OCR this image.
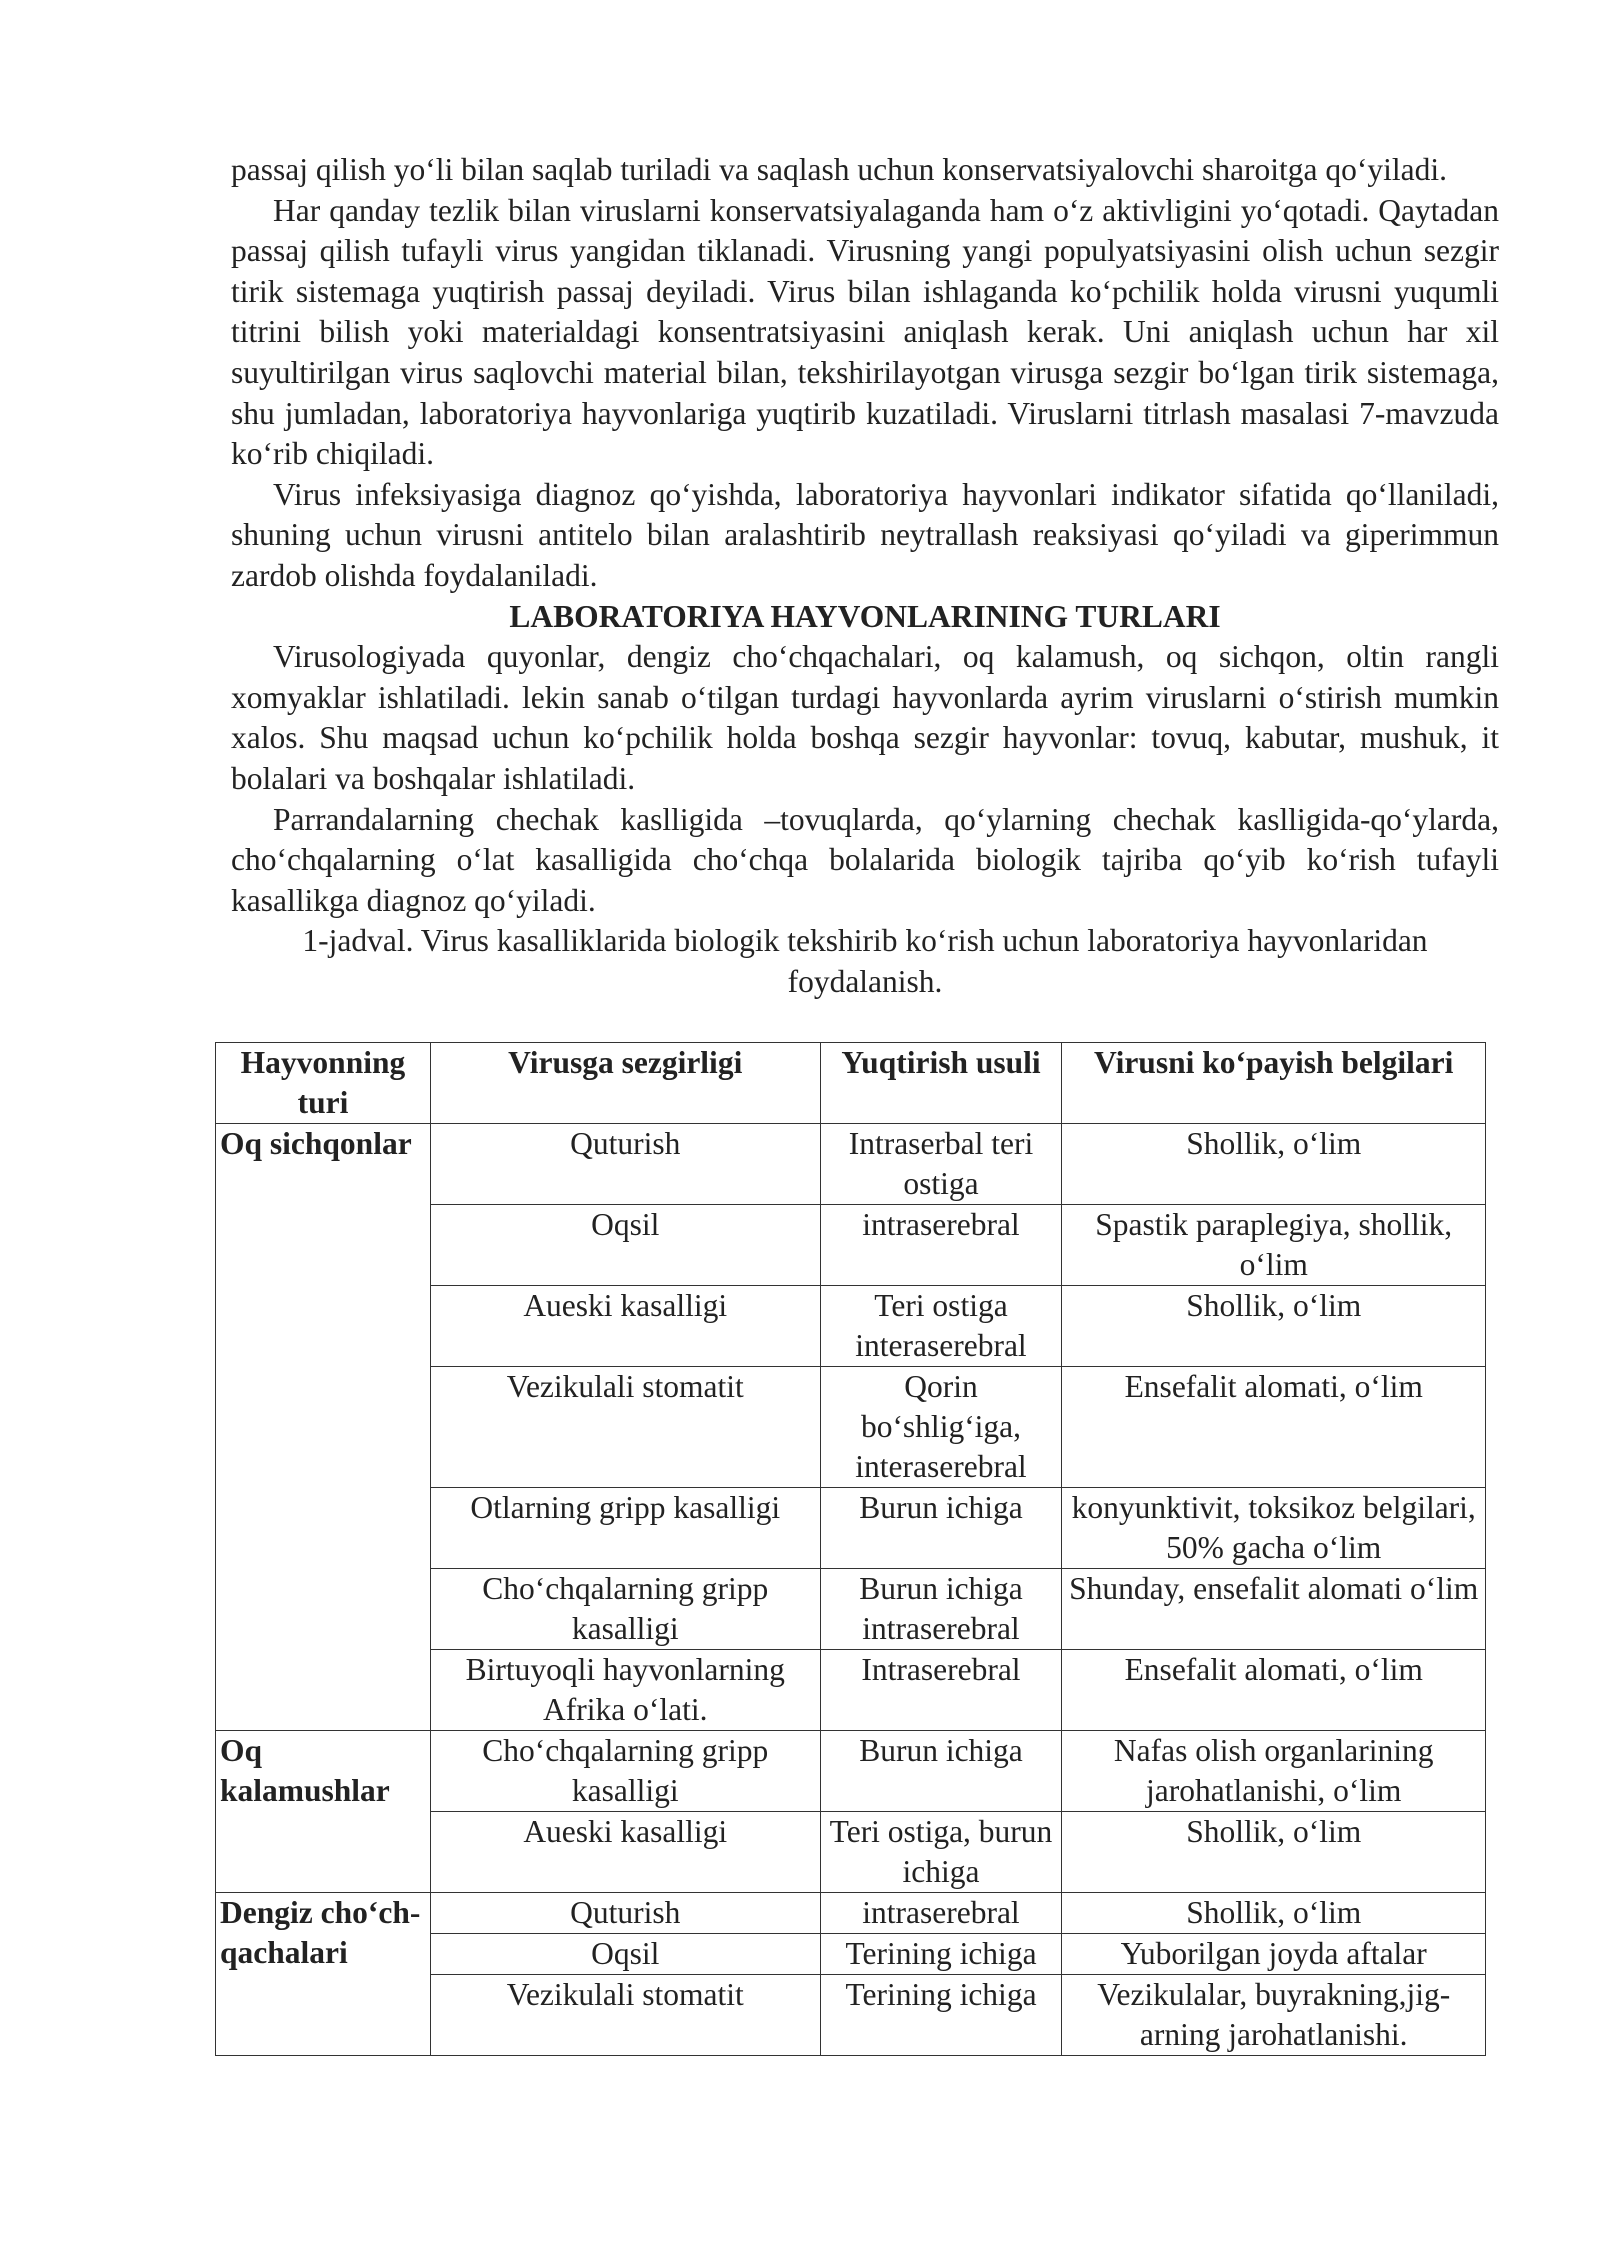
passaj qilish yo‘li bilan saqlab turiladi va saqlash uchun konservatsiyalovchi sharoitga qo‘yiladi.

Har qanday tezlik bilan viruslarni konservatsiyalaganda ham o‘z aktivligini yo‘qotadi. Qaytadan passaj qilish tufayli virus yangidan tiklanadi. Virusning yangi populyatsiyasini olish uchun sezgir tirik sistemaga yuqtirish passaj deyiladi. Virus bilan ishlaganda ko‘pchilik holda virusni yuqumli titrini bilish yoki materialdagi konsentratsiyasini aniqlash kerak. Uni aniqlash uchun har xil suyultirilgan virus saqlovchi material bilan, tekshirilayotgan virusga sezgir bo‘lgan tirik sistemaga, shu jumladan, laboratoriya hayvonlariga yuqtirib kuzatiladi. Viruslarni titrlash masalasi 7-mavzuda ko‘rib chiqiladi.

Virus infeksiyasiga diagnoz qo‘yishda, laboratoriya hayvonlari indikator sifatida qo‘llaniladi, shuning uchun virusni antitelo bilan aralashtirib neytrallash reaksiyasi qo‘yiladi va giperimmun zardob olishda foydalaniladi.

LABORATORIYA HAYVONLARINING TURLARI

Virusologiyada quyonlar, dengiz cho‘chqachalari, oq kalamush, oq sichqon, oltin rangli xomyaklar ishlatiladi. lekin sanab o‘tilgan turdagi hayvonlarda ayrim viruslarni o‘stirish mumkin xalos. Shu maqsad uchun ko‘pchilik holda boshqa sezgir hayvonlar: tovuq, kabutar, mushuk, it bolalari va boshqalar ishlatiladi.

Parrandalarning chechak kaslligida –tovuqlarda, qo‘ylarning chechak kaslligida-qo‘ylarda, cho‘chqalarning o‘lat kasalligida cho‘chqa bolalarida biologik tajriba qo‘yib ko‘rish tufayli kasallikga diagnoz qo‘yiladi.

1-jadval. Virus kasalliklarida biologik tekshirib ko‘rish uchun laboratoriya hayvonlaridan foydalanish.

Hayvonning turi	Virusga sezgirligi	Yuqtirish usuli	Virusni ko‘payish belgilari
Oq sichqonlar	Quturish	Intraserbal teri ostiga	Shollik, o‘lim
	Oqsil	intraserebral	Spastik paraplegiya, shollik, o‘lim
	Aueski kasalligi	Teri ostiga interaserebral	Shollik, o‘lim
	Vezikulali stomatit	Qorin bo‘shlig‘iga, interaserebral	Ensefalit alomati, o‘lim
	Otlarning gripp kasalligi	Burun ichiga	konyunktivit, toksikoz belgilari, 50% gacha o‘lim
	Cho‘chqalarning gripp kasalligi	Burun ichiga intraserebral	Shunday, ensefalit alomati o‘lim
	Birtuyoqli hayvonlarning Afrika o‘lati.	Intraserebral	Ensefalit alomati, o‘lim
Oq kalamushlar	Cho‘chqalarning gripp kasalligi	Burun ichiga	Nafas olish organlarining jarohatlanishi, o‘lim
	Aueski kasalligi	Teri ostiga, burun ichiga	Shollik, o‘lim
Dengiz cho‘ch-qachalari	Quturish	intraserebral	Shollik, o‘lim
	Oqsil	Terining ichiga	Yuborilgan joyda aftalar
	Vezikulali stomatit	Terining ichiga	Vezikulalar, buyrakning,jig-arning jarohatlanishi.
